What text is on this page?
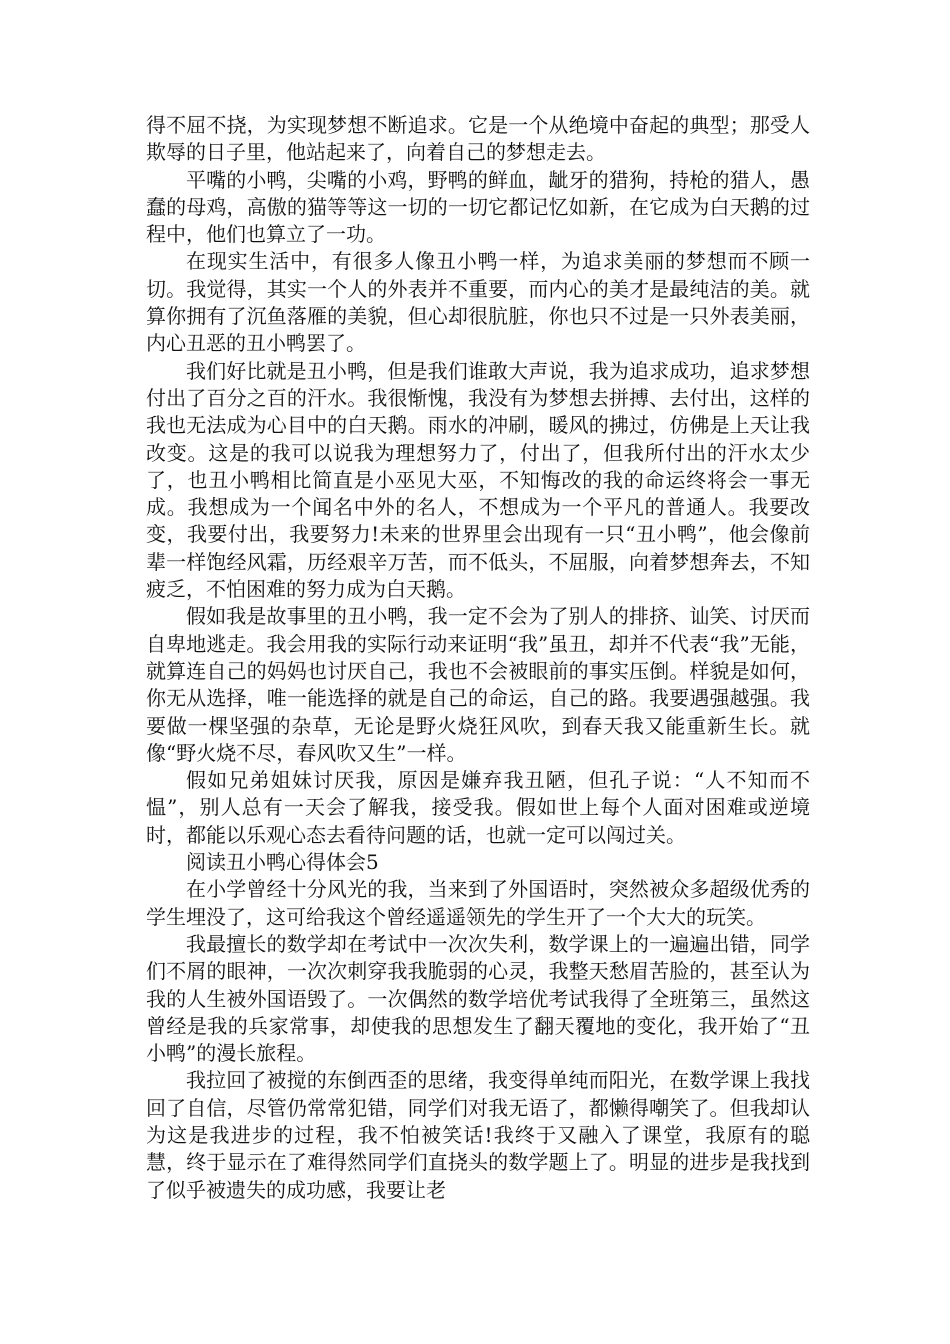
得不屈不挠，为实现梦想不断追求。它是一个从绝境中奋起的典型；那受人欺辱的日子里，他站起来了，向着自己的梦想走去。

平嘴的小鸭，尖嘴的小鸡，野鸭的鲜血，龇牙的猎狗，持枪的猎人，愚蠢的母鸡，高傲的猫等等这一切的一切它都记忆如新，在它成为白天鹅的过程中，他们也算立了一功。

在现实生活中，有很多人像丑小鸭一样，为追求美丽的梦想而不顾一切。我觉得，其实一个人的外表并不重要，而内心的美才是最纯洁的美。就算你拥有了沉鱼落雁的美貌，但心却很肮脏，你也只不过是一只外表美丽，内心丑恶的丑小鸭罢了。

我们好比就是丑小鸭，但是我们谁敢大声说，我为追求成功，追求梦想付出了百分之百的汗水。我很惭愧，我没有为梦想去拼搏、去付出，这样的我也无法成为心目中的白天鹅。雨水的冲刷，暖风的拂过，仿佛是上天让我改变。这是的我可以说我为理想努力了，付出了，但我所付出的汗水太少了，也丑小鸭相比简直是小巫见大巫，不知悔改的我的命运终将会一事无成。我想成为一个闻名中外的名人，不想成为一个平凡的普通人。我要改变，我要付出，我要努力!未来的世界里会出现有一只“丑小鸭”，他会像前辈一样饱经风霜，历经艰辛万苦，而不低头，不屈服，向着梦想奔去，不知疲乏，不怕困难的努力成为白天鹅。

假如我是故事里的丑小鸭，我一定不会为了别人的排挤、讪笑、讨厌而自卑地逃走。我会用我的实际行动来证明“我”虽丑，却并不代表“我”无能，就算连自己的妈妈也讨厌自己，我也不会被眼前的事实压倒。样貌是如何，你无从选择，唯一能选择的就是自己的命运，自己的路。我要遇强越强。我要做一棵坚强的杂草，无论是野火烧狂风吹，到春天我又能重新生长。就像“野火烧不尽，春风吹又生”一样。

假如兄弟姐妹讨厌我，原因是嫌弃我丑陋，但孔子说：“人不知而不愠”，别人总有一天会了解我，接受我。假如世上每个人面对困难或逆境时，都能以乐观心态去看待问题的话，也就一定可以闯过关。

阅读丑小鸭心得体会5

在小学曾经十分风光的我，当来到了外国语时，突然被众多超级优秀的学生埋没了，这可给我这个曾经遥遥领先的学生开了一个大大的玩笑。

我最擅长的数学却在考试中一次次失利，数学课上的一遍遍出错，同学们不屑的眼神，一次次刺穿我我脆弱的心灵，我整天愁眉苦脸的，甚至认为我的人生被外国语毁了。一次偶然的数学培优考试我得了全班第三，虽然这曾经是我的兵家常事，却使我的思想发生了翻天覆地的变化，我开始了“丑小鸭”的漫长旅程。

我拉回了被搅的东倒西歪的思绪，我变得单纯而阳光，在数学课上我找回了自信，尽管仍常常犯错，同学们对我无语了，都懒得嘲笑了。但我却认为这是我进步的过程，我不怕被笑话!我终于又融入了课堂，我原有的聪慧，终于显示在了难得然同学们直挠头的数学题上了。明显的进步是我找到了似乎被遗失的成功感，我要让老
